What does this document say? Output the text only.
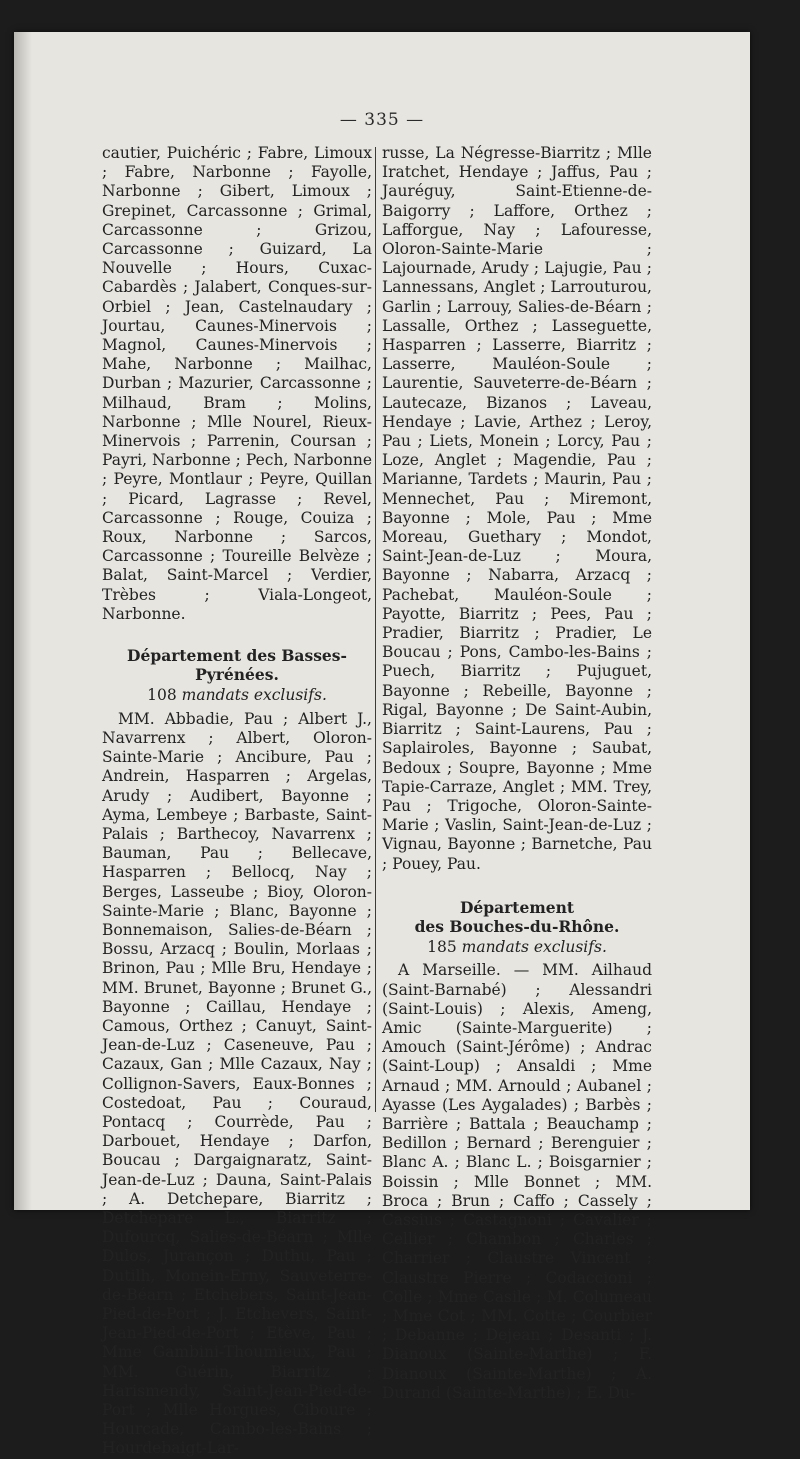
— 335 —

cautier, Puichéric ; Fabre, Limoux ; Fabre, Narbonne ; Fayolle, Narbonne ; Gibert, Limoux ; Grepinet, Carcassonne ; Grimal, Carcassonne ; Grizou, Carcassonne ; Guizard, La Nouvelle ; Hours, Cuxac-Cabardès ; Jalabert, Conques-sur-Orbiel ; Jean, Castelnaudary ; Jourtau, Caunes-Minervois ; Magnol, Caunes-Minervois ; Mahe, Narbonne ; Mailhac, Durban ; Mazurier, Carcassonne ; Milhaud, Bram ; Molins, Narbonne ; Mlle Nourel, Rieux-Minervois ; Parrenin, Coursan ; Payri, Narbonne ; Pech, Narbonne ; Peyre, Montlaur ; Peyre, Quillan ; Picard, Lagrasse ; Revel, Carcassonne ; Rouge, Couiza ; Roux, Narbonne ; Sarcos, Carcassonne ; Toureille Belvèze ; Balat, Saint-Marcel ; Verdier, Trèbes ; Viala-Longeot, Narbonne.

Département des Basses-Pyrénées.
108 mandats exclusifs.

MM. Abbadie, Pau ; Albert J., Navarrenx ; Albert, Oloron-Sainte-Marie ; Ancibure, Pau ; Andrein, Hasparren ; Argelas, Arudy ; Audibert, Bayonne ; Ayma, Lembeye ; Barbaste, Saint-Palais ; Barthecoy, Navarrenx ; Bauman, Pau ; Bellecave, Hasparren ; Bellocq, Nay ; Berges, Lasseube ; Bioy, Oloron-Sainte-Marie ; Blanc, Bayonne ; Bonnemaison, Salies-de-Béarn ; Bossu, Arzacq ; Boulin, Morlaas ; Brinon, Pau ; Mlle Bru, Hendaye ; MM. Brunet, Bayonne ; Brunet G., Bayonne ; Caillau, Hendaye ; Camous, Orthez ; Canuyt, Saint-Jean-de-Luz ; Caseneuve, Pau ; Cazaux, Gan ; Mlle Cazaux, Nay ; Collignon-Savers, Eaux-Bonnes ; Costedoat, Pau ; Couraud, Pontacq ; Courrède, Pau ; Darbouet, Hendaye ; Darfon, Boucau ; Dargaignaratz, Saint-Jean-de-Luz ; Dauna, Saint-Palais ; A. Detchepare, Biarritz ; Detchepare L., Biarritz ; Dufourcq, Salies-de-Béarn ; Mlle Dulos, Jurançon ; Duthu, Pau ; Dutilh, Monein-Erny, Sauveterre-de-Béarn ; Etchebers, Saint-Jean-Pied-de-Port ; J. Etchevers, Saint-Jean-Pied-de-Port ; Etève, Pau ; Mme Gambini-Thoumieux, Pau ; MM. Guérin, Biarritz ; Harismendy, Saint-Jean-Pied-de-Port ; Mlle Horgues, Ciboure ; Hourcade, Cambo-les-Bains ; Hourdebaigt-Lar-

russe, La Négresse-Biarritz ; Mlle Iratchet, Hendaye ; Jaffus, Pau ; Jauréguy, Saint-Etienne-de-Baigorry ; Laffore, Orthez ; Lafforgue, Nay ; Lafouresse, Oloron-Sainte-Marie ; Lajournade, Arudy ; Lajugie, Pau ; Lannessans, Anglet ; Larrouturou, Garlin ; Larrouy, Salies-de-Béarn ; Lassalle, Orthez ; Lasseguette, Hasparren ; Lasserre, Biarritz ; Lasserre, Mauléon-Soule ; Laurentie, Sauveterre-de-Béarn ; Lautecaze, Bizanos ; Laveau, Hendaye ; Lavie, Arthez ; Leroy, Pau ; Liets, Monein ; Lorcy, Pau ; Loze, Anglet ; Magendie, Pau ; Marianne, Tardets ; Maurin, Pau ; Mennechet, Pau ; Miremont, Bayonne ; Mole, Pau ; Mme Moreau, Guethary ; Mondot, Saint-Jean-de-Luz ; Moura, Bayonne ; Nabarra, Arzacq ; Pachebat, Mauléon-Soule ; Payotte, Biarritz ; Pees, Pau ; Pradier, Biarritz ; Pradier, Le Boucau ; Pons, Cambo-les-Bains ; Puech, Biarritz ; Pujuguet, Bayonne ; Rebeille, Bayonne ; Rigal, Bayonne ; De Saint-Aubin, Biarritz ; Saint-Laurens, Pau ; Saplairoles, Bayonne ; Saubat, Bedoux ; Soupre, Bayonne ; Mme Tapie-Carraze, Anglet ; MM. Trey, Pau ; Trigoche, Oloron-Sainte-Marie ; Vaslin, Saint-Jean-de-Luz ; Vignau, Bayonne ; Barnetche, Pau ; Pouey, Pau.

Département
des Bouches-du-Rhône.
185 mandats exclusifs.

A Marseille. — MM. Ailhaud (Saint-Barnabé) ; Alessandri (Saint-Louis) ; Alexis, Ameng, Amic (Sainte-Marguerite) ; Amouch (Saint-Jérôme) ; Andrac (Saint-Loup) ; Ansaldi ; Mme Arnaud ; MM. Arnould ; Aubanel ; Ayasse (Les Aygalades) ; Barbès ; Barrière ; Battala ; Beauchamp ; Bedillon ; Bernard ; Berenguier ; Blanc A. ; Blanc L. ; Boisgarnier ; Boissin ; Mlle Bonnet ; MM. Broca ; Brun ; Caffo ; Cassely ; Cassius ; Castagnoni ; Cavalier ; Cellier ; Chambon ; Charles ; Charrier ; Claustre Vincent ; Claustre Pierre ; Codaccioni ; Colle ; Mme Casile ; M. Columeau ; Mme Cot ; MM. Cotte ; Courbier ; Debanne ; Dejean ; Desanti ; J. Dianoux (Sainte-Marthe) ; F. Dianoux (Sainte-Marthe) ; A. Durand (Sainte-Marthe) ; E. Du-
